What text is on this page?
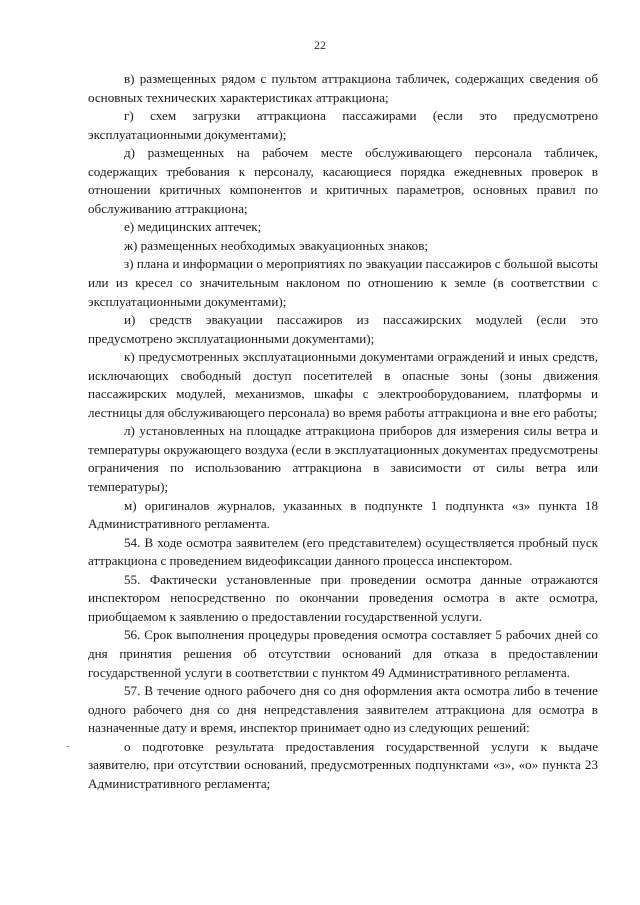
22

в) размещенных рядом с пультом аттракциона табличек, содержащих сведения об основных технических характеристиках аттракциона;

г) схем загрузки аттракциона пассажирами (если это предусмотрено эксплуатационными документами);

д) размещенных на рабочем месте обслуживающего персонала табличек, содержащих требования к персоналу, касающиеся порядка ежедневных проверок в отношении критичных компонентов и критичных параметров, основных правил по обслуживанию аттракциона;

е) медицинских аптечек;

ж) размещенных необходимых эвакуационных знаков;

з) плана и информации о мероприятиях по эвакуации пассажиров с большой высоты или из кресел со значительным наклоном по отношению к земле (в соответствии с эксплуатационными документами);

и) средств эвакуации пассажиров из пассажирских модулей (если это предусмотрено эксплуатационными документами);

к) предусмотренных эксплуатационными документами ограждений и иных средств, исключающих свободный доступ посетителей в опасные зоны (зоны движения пассажирских модулей, механизмов, шкафы с электрооборудованием, платформы и лестницы для обслуживающего персонала) во время работы аттракциона и вне его работы;

л) установленных на площадке аттракциона приборов для измерения силы ветра и температуры окружающего воздуха (если в эксплуатационных документах предусмотрены ограничения по использованию аттракциона в зависимости от силы ветра или температуры);

м) оригиналов журналов, указанных в подпункте 1 подпункта «з» пункта 18 Административного регламента.

54. В ходе осмотра заявителем (его представителем) осуществляется пробный пуск аттракциона с проведением видеофиксации данного процесса инспектором.

55. Фактически установленные при проведении осмотра данные отражаются инспектором непосредственно по окончании проведения осмотра в акте осмотра, приобщаемом к заявлению о предоставлении государственной услуги.

56. Срок выполнения процедуры проведения осмотра составляет 5 рабочих дней со дня принятия решения об отсутствии оснований для отказа в предоставлении государственной услуги в соответствии с пунктом 49 Административного регламента.

57. В течение одного рабочего дня со дня оформления акта осмотра либо в течение одного рабочего дня со дня непредставления заявителем аттракциона для осмотра в назначенные дату и время, инспектор принимает одно из следующих решений:

о подготовке результата предоставления государственной услуги к выдаче заявителю, при отсутствии оснований, предусмотренных подпунктами «з», «о» пункта 23 Административного регламента;

-
